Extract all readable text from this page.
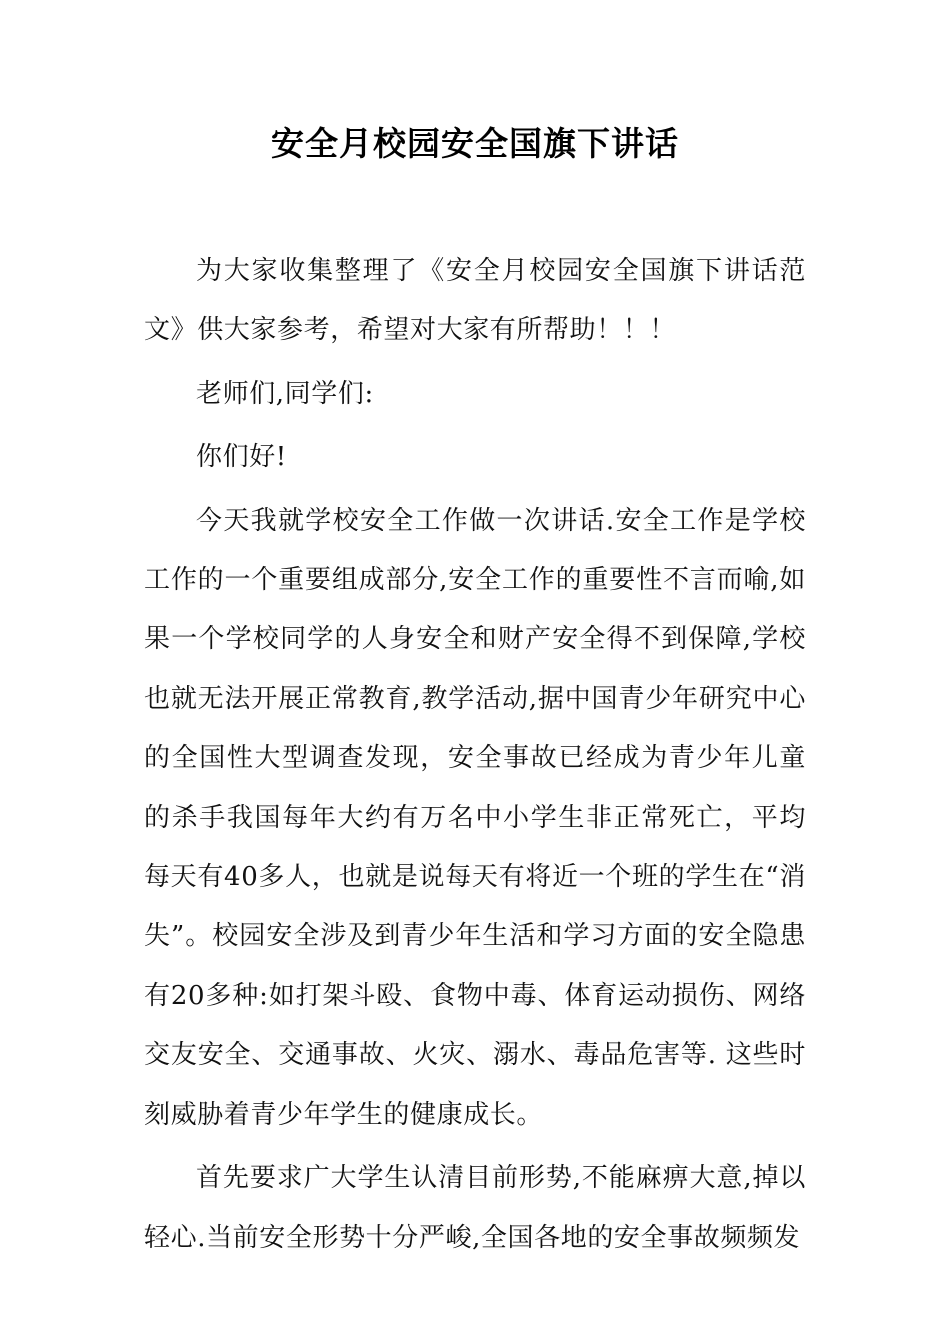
安全月校园安全国旗下讲话

为大家收集整理了《安全月校园安全国旗下讲话范文》供大家参考，希望对大家有所帮助！！！

老师们,同学们:

你们好!

今天我就学校安全工作做一次讲话.安全工作是学校工作的一个重要组成部分,安全工作的重要性不言而喻,如果一个学校同学的人身安全和财产安全得不到保障,学校也就无法开展正常教育,教学活动,据中国青少年研究中心的全国性大型调查发现，安全事故已经成为青少年儿童的杀手我国每年大约有万名中小学生非正常死亡，平均每天有40多人，也就是说每天有将近一个班的学生在“消失”。校园安全涉及到青少年生活和学习方面的安全隐患有20多种:如打架斗殴、食物中毒、体育运动损伤、网络交友安全、交通事故、火灾、溺水、毒品危害等. 这些时刻威胁着青少年学生的健康成长。

首先要求广大学生认清目前形势,不能麻痹大意,掉以轻心.当前安全形势十分严峻,全国各地的安全事故频频发
